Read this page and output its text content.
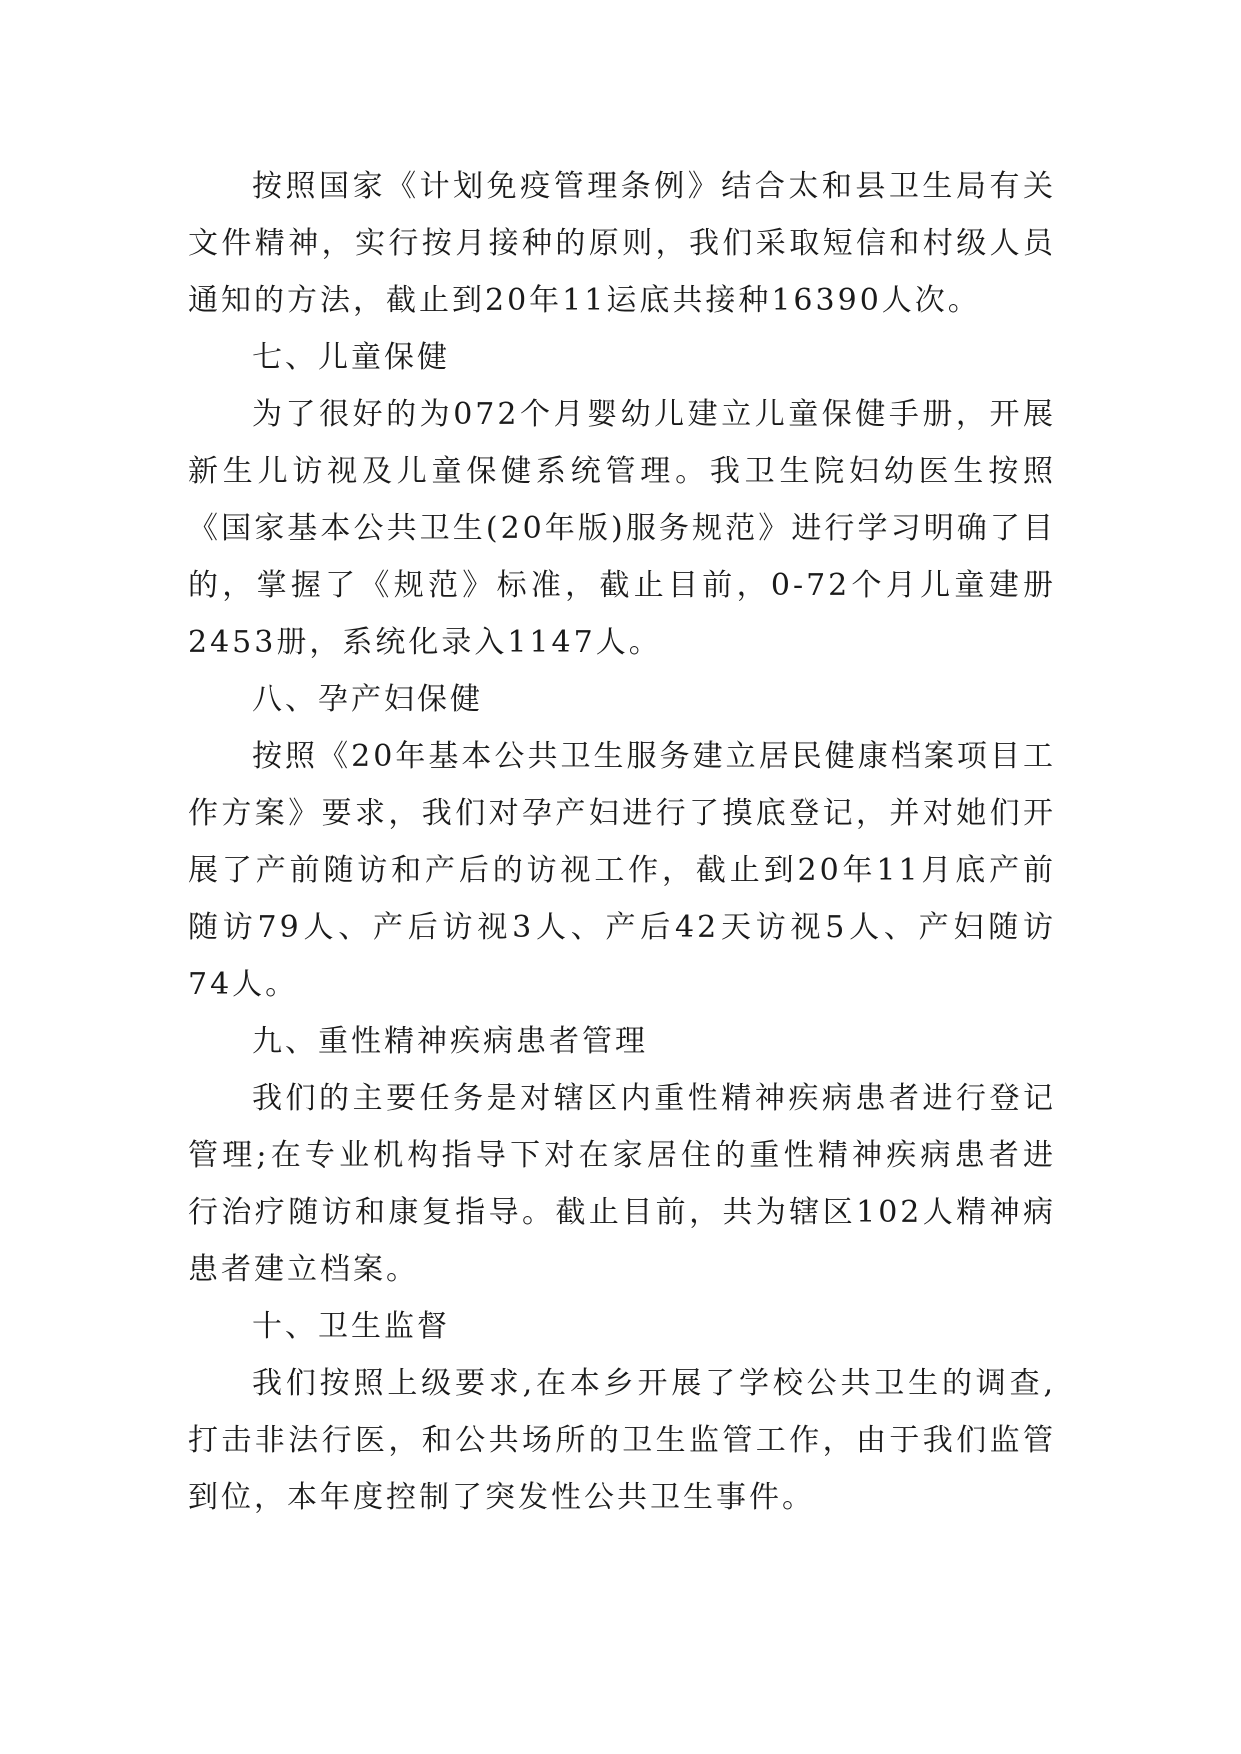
按照国家《计划免疫管理条例》结合太和县卫生局有关文件精神，实行按月接种的原则，我们采取短信和村级人员通知的方法，截止到20年11运底共接种16390人次。

七、儿童保健

为了很好的为072个月婴幼儿建立儿童保健手册，开展新生儿访视及儿童保健系统管理。我卫生院妇幼医生按照《国家基本公共卫生(20年版)服务规范》进行学习明确了目的，掌握了《规范》标准，截止目前，0-72个月儿童建册2453册，系统化录入1147人。

八、孕产妇保健

按照《20年基本公共卫生服务建立居民健康档案项目工作方案》要求，我们对孕产妇进行了摸底登记，并对她们开展了产前随访和产后的访视工作，截止到20年11月底产前随访79人、产后访视3人、产后42天访视5人、产妇随访74人。

九、重性精神疾病患者管理

我们的主要任务是对辖区内重性精神疾病患者进行登记管理;在专业机构指导下对在家居住的重性精神疾病患者进行治疗随访和康复指导。截止目前，共为辖区102人精神病患者建立档案。

十、卫生监督

我们按照上级要求,在本乡开展了学校公共卫生的调查,打击非法行医，和公共场所的卫生监管工作，由于我们监管到位，本年度控制了突发性公共卫生事件。
